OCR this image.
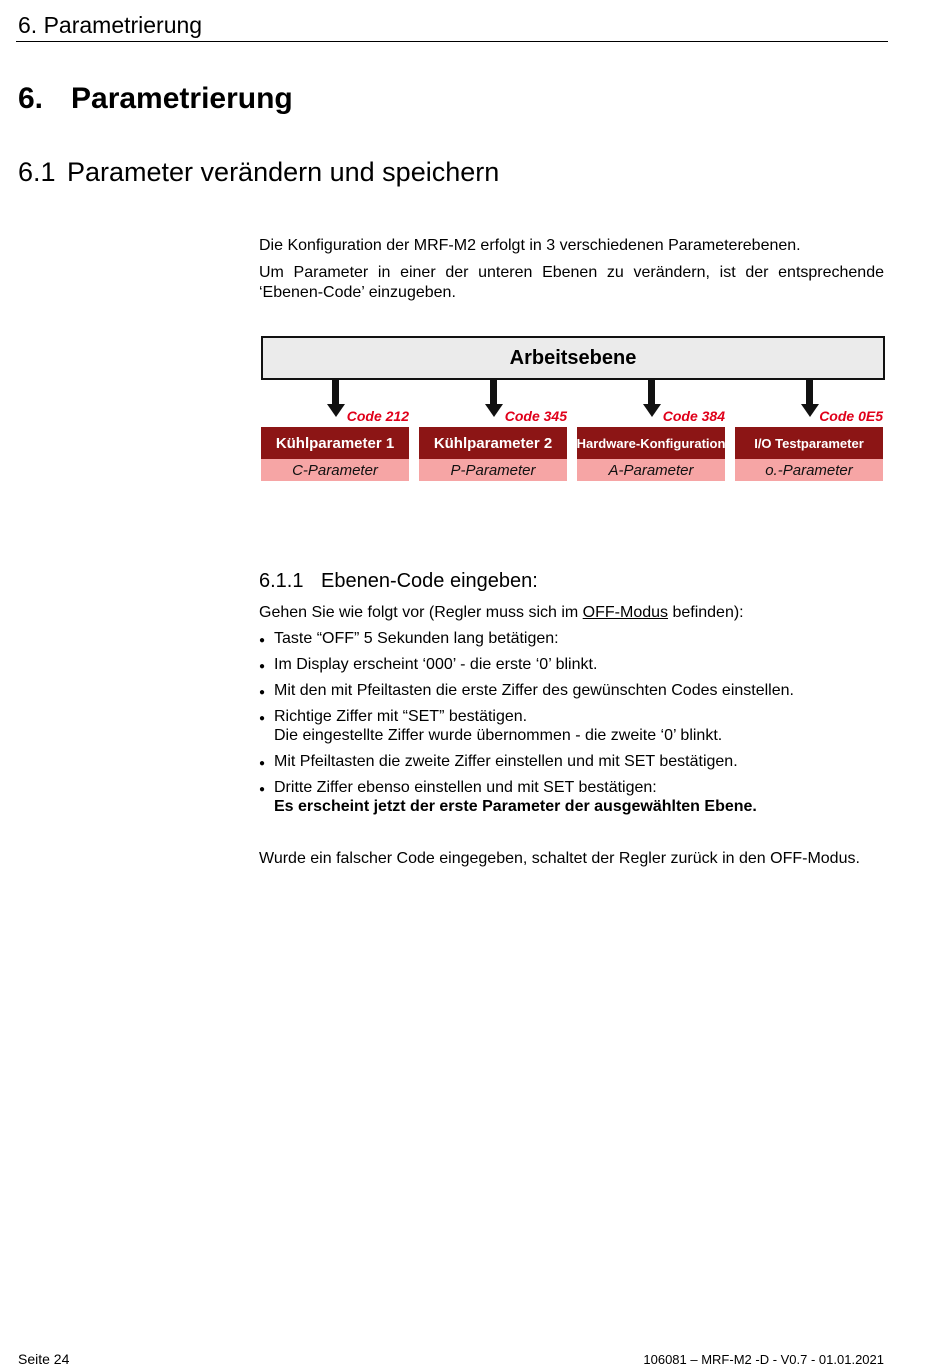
6. Parametrierung
6. Parametrierung
6.1 Parameter verändern und speichern
Die Konfiguration der MRF-M2 erfolgt in 3 verschiedenen Parameterebenen.
Um Parameter in einer der unteren Ebenen zu verändern, ist der entsprechende ‘Ebenen-Code’ einzugeben.
Arbeitsebene
Code 212
Kühlparameter 1
C-Parameter
Code 345
Kühlparameter 2
P-Parameter
Code 384
Hardware-Konfiguration
A-Parameter
Code 0E5
I/O Testparameter
o.-Parameter
6.1.1 Ebenen-Code eingeben:
Gehen Sie wie folgt vor (Regler muss sich im OFF-Modus befinden):
● Taste “OFF” 5 Sekunden lang betätigen:
● Im Display erscheint ‘000’ - die erste ‘0’ blinkt.
● Mit den mit Pfeiltasten die erste Ziffer des gewünschten Codes einstellen.
● Richtige Ziffer mit “SET” bestätigen.
Die eingestellte Ziffer wurde übernommen - die zweite ‘0’ blinkt.
● Mit Pfeiltasten die zweite Ziffer einstellen und mit SET bestätigen.
● Dritte Ziffer ebenso einstellen und mit SET bestätigen:
Es erscheint jetzt der erste Parameter der ausgewählten Ebene.
Wurde ein falscher Code eingegeben, schaltet der Regler zurück in den OFF-Modus.
Seite 24	106081 – MRF-M2 -D - V0.7 - 01.01.2021
